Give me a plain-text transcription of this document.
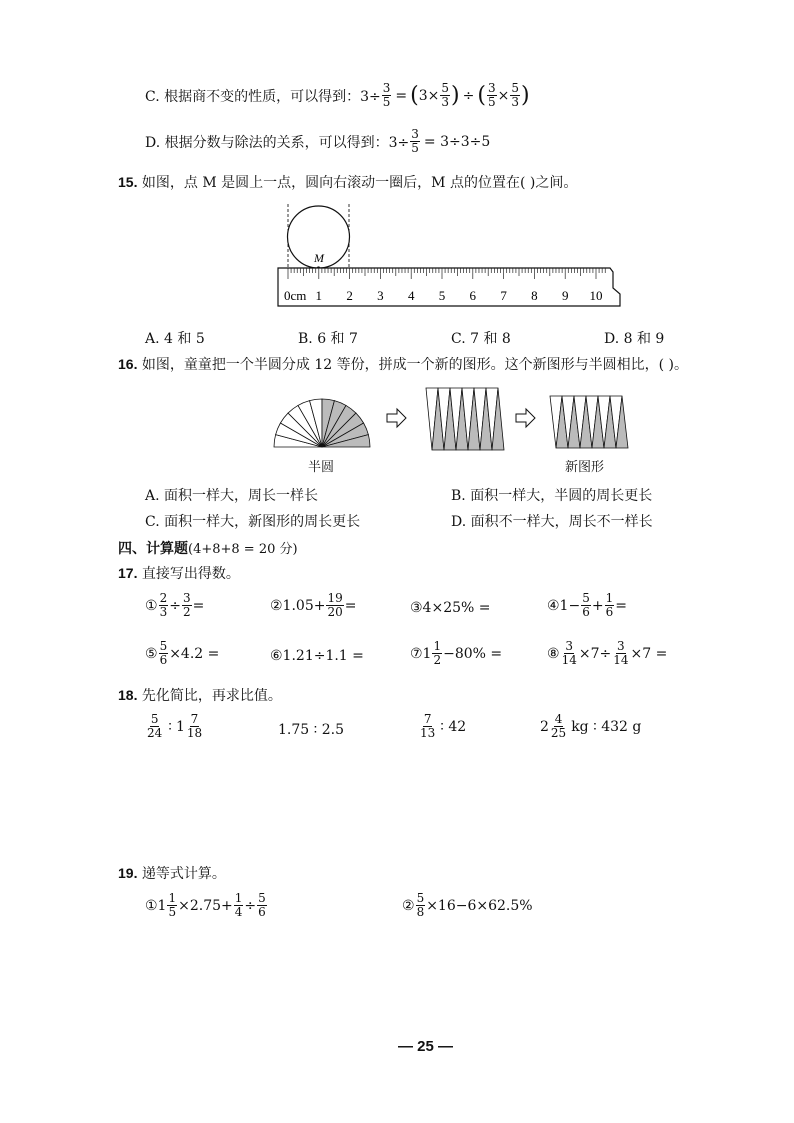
C. 根据商不变的性质，可以得到：$3\div \frac{3}{5}$ = ( $3\times \frac{5}{3}$ ) ÷ ( $\frac{3}{5} \times \frac{5}{3}$ )
D. 根据分数与除法的关系，可以得到：$3\div \frac{3}{5} = 3\div 3\div 5$
15. 如图，点 M 是圆上一点，圆向右滚动一圈后，M 点的位置在( )之间。
M
0cm 1 2 3 4 5 6 7 8 9 10
A. 4 和 5	B. 6 和 7	C. 7 和 8	D. 8 和 9
16. 如图，童童把一个半圆分成 12 等份，拼成一个新的图形。这个新图形与半圆相比，( )。
半圆	新图形
A. 面积一样大，周长一样长	B. 面积一样大，半圆的周长更长
C. 面积一样大，新图形的周长更长	D. 面积不一样大，周长不一样长
四、计算题(4+8+8 = 20 分)
17. 直接写出得数。
① $\frac{2}{3} \div \frac{3}{2}$ =	②1.05+ $\frac{19}{20}$ =	③4×25% =	④1− $\frac{5}{6} + \frac{1}{6}$ =
⑤ $\frac{5}{6} \times 4.2$ =	⑥1.21÷1.1 =	⑦1 $\frac{1}{2} -80\%$ =	⑧ $\frac{3}{14} \times 7\div \frac{3}{14} \times 7$ =
18. 先化简比，再求比值。
$\frac{5}{24}$ ∶ $1 \frac{7}{18}$	1.75 ∶ 2.5	$\frac{7}{13}$ ∶ 42	$2 \frac{4}{25}$ kg ∶ 432 g
19. 递等式计算。
①1 $\frac{1}{5} \times 2.75+ \frac{1}{4} \div \frac{5}{6}$	② $\frac{5}{8} \times 16-6\times 62.5\%$
— 25 —
